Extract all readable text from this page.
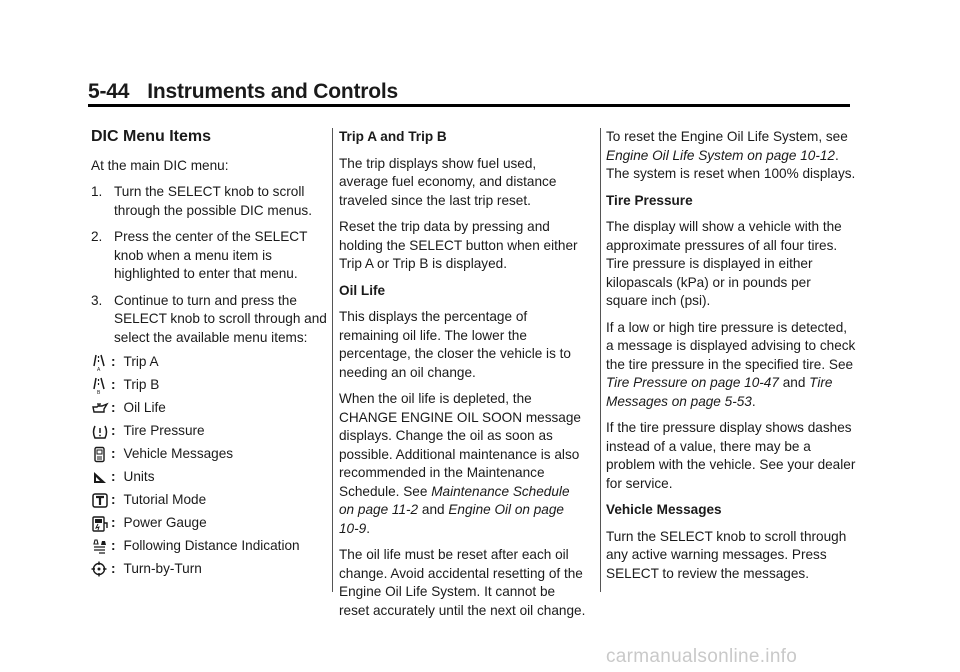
5-44 Instruments and Controls
DIC Menu Items
At the main DIC menu:
1. Turn the SELECT knob to scroll through the possible DIC menus.
2. Press the center of the SELECT knob when a menu item is highlighted to enter that menu.
3. Continue to turn and press the SELECT knob to scroll through and select the available menu items:
A
: Trip A
B
: Trip B
: Oil Life
: Tire Pressure
: Vehicle Messages
: Units
: Tutorial Mode
: Power Gauge
: Following Distance Indication
: Turn-by-Turn
Trip A and Trip B
The trip displays show fuel used, average fuel economy, and distance traveled since the last trip reset.
Reset the trip data by pressing and holding the SELECT button when either Trip A or Trip B is displayed.
Oil Life
This displays the percentage of remaining oil life. The lower the percentage, the closer the vehicle is to needing an oil change.
When the oil life is depleted, the CHANGE ENGINE OIL SOON message displays. Change the oil as soon as possible. Additional maintenance is also recommended in the Maintenance Schedule. See Maintenance Schedule on page 11-2 and Engine Oil on page 10-9.
The oil life must be reset after each oil change. Avoid accidental resetting of the Engine Oil Life System. It cannot be reset accurately until the next oil change.
To reset the Engine Oil Life System, see Engine Oil Life System on page 10-12. The system is reset when 100% displays.
Tire Pressure
The display will show a vehicle with the approximate pressures of all four tires. Tire pressure is displayed in either kilopascals (kPa) or in pounds per square inch (psi).
If a low or high tire pressure is detected, a message is displayed advising to check the tire pressure in the specified tire. See Tire Pressure on page 10-47 and Tire Messages on page 5-53.
If the tire pressure display shows dashes instead of a value, there may be a problem with the vehicle. See your dealer for service.
Vehicle Messages
Turn the SELECT knob to scroll through any active warning messages. Press SELECT to review the messages.
carmanualsonline.info
